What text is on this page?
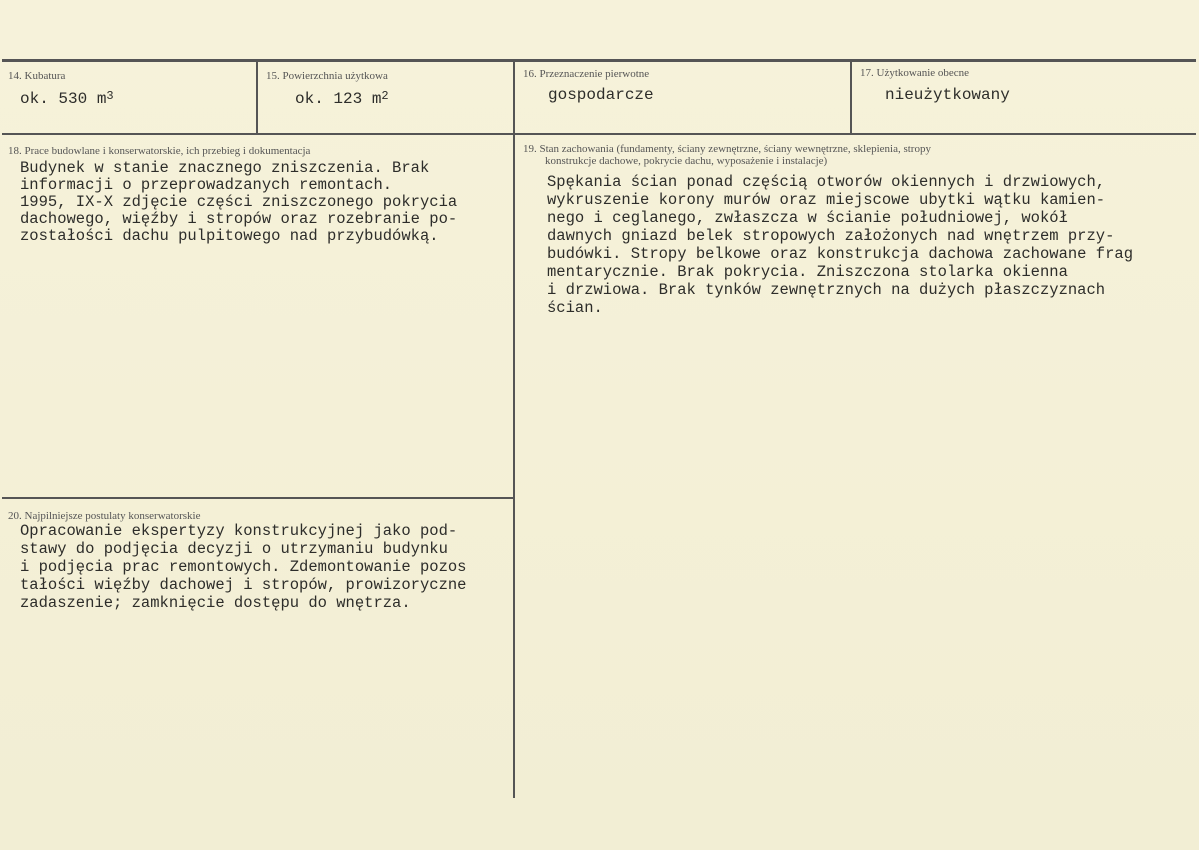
14. Kubatura
ok. 530 $m^3$
15. Powierzchnia użytkowa
ok. 123 $m^2$
16. Przeznaczenie pierwotne
gospodarcze
17. Użytkowanie obecne
nieużytkowany
18. Prace budowlane i konserwatorskie, ich przebieg i dokumentacja
Budynek w stanie znacznego zniszczenia. Brak
informacji o przeprowadzanych remontach.
1995, IX-X zdjęcie części zniszczonego pokrycia
dachowego, więźby i stropów oraz rozebranie po-
zostałości dachu pulpitowego nad przybudówką.
19. Stan zachowania (fundamenty, ściany zewnętrzne, ściany wewnętrzne, sklepienia, stropy
konstrukcje dachowe, pokrycie dachu, wyposażenie i instalacje)
Spękania ścian ponad częścią otworów okiennych i drzwiowych,
wykruszenie korony murów oraz miejscowe ubytki wątku kamien-
nego i ceglanego, zwłaszcza w ścianie południowej, wokół
dawnych gniazd belek stropowych założonych nad wnętrzem przy-
budówki. Stropy belkowe oraz konstrukcja dachowa zachowane frag
mentarycznie. Brak pokrycia. Zniszczona stolarka okienna
i drzwiowa. Brak tynków zewnętrznych na dużych płaszczyznach
ścian.
20. Najpilniejsze postulaty konserwatorskie
Opracowanie ekspertyzy konstrukcyjnej jako pod-
stawy do podjęcia decyzji o utrzymaniu budynku
i podjęcia prac remontowych. Zdemontowanie pozos
tałości więźby dachowej i stropów, prowizoryczne
zadaszenie; zamknięcie dostępu do wnętrza.
